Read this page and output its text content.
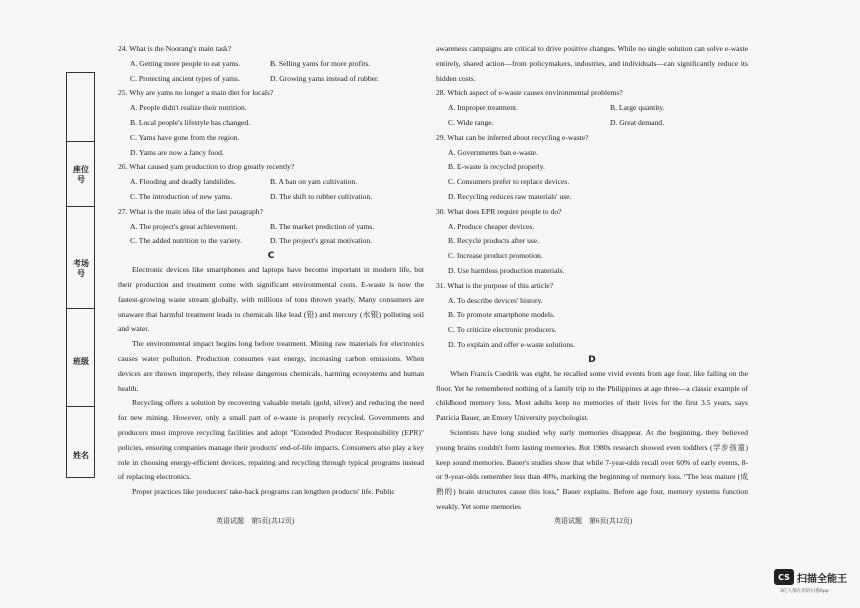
座位号
考场号
班级
姓名

24. What is the Noorang's main task?

A. Getting more people to eat yams.	B. Selling yams for more profits.
C. Protecting ancient types of yams.	D. Growing yams instead of rubber.

25. Why are yams no longer a main diet for locals?

A. People didn't realize their nutrition.

B. Local people's lifestyle has changed.

C. Yams have gone from the region.

D. Yams are now a fancy food.

26. What caused yam production to drop greatly recently?

A. Flooding and deadly landslides.	B. A ban on yam cultivation.
C. The introduction of new yams.	D. The shift to rubber cultivation.

27. What is the main idea of the last paragraph?

A. The project's great achievement.	B. The market prediction of yams.
C. The added nutrition to the variety.	D. The project's great motivation.

C

Electronic devices like smartphones and laptops have become important in modern life, but their production and treatment come with significant environmental costs. E-waste is now the fastest-growing waste stream globally, with millions of tons thrown yearly. Many consumers are unaware that harmful treatment leads to chemicals like lead (铅) and mercury (水银) polluting soil and water.

The environmental impact begins long before treatment. Mining raw materials for electronics causes water pollution. Production consumes vast energy, increasing carbon emissions. When devices are thrown improperly, they release dangerous chemicals, harming ecosystems and human health.

Recycling offers a solution by recovering valuable metals (gold, silver) and reducing the need for new mining. However, only a small part of e-waste is properly recycled. Governments and producers must improve recycling facilities and adopt "Extended Producer Responsibility (EPR)" policies, ensuring companies manage their products' end-of-life impacts. Consumers also play a key role in choosing energy-efficient devices, repairing and recycling through typical programs instead of replacing electronics.

Proper practices like producers' take-back programs can lengthen products' life. Public

awareness campaigns are critical to drive positive changes. While no single solution can solve e-waste entirely, shared action—from policymakers, industries, and individuals—can significantly reduce its hidden costs.

28. Which aspect of e-waste causes environmental problems?

A. Improper treatment.	B. Large quantity.
C. Wide range.	D. Great demand.

29. What can be inferred about recycling e-waste?

A. Governments ban e-waste.

B. E-waste is recycled properly.

C. Consumers prefer to replace devices.

D. Recycling reduces raw materials' use.

30. What does EPR require people to do?

A. Produce cheaper devices.

B. Recycle products after use.

C. Increase product promotion.

D. Use harmless production materials.

31. What is the purpose of this article?

A. To describe devices' history.

B. To promote smartphone models.

C. To criticize electronic producers.

D. To explain and offer e-waste solutions.

D

When Francis Csedrik was eight, he recalled some vivid events from age four, like falling on the floor. Yet he remembered nothing of a family trip to the Philippines at age three—a classic example of childhood memory loss. Most adults keep no memories of their lives for the first 3.5 years, says Patricia Bauer, an Emory University psychologist.

Scientists have long studied why early memories disappear. At the beginning, they believed young brains couldn't form lasting memories. But 1980s research showed even toddlers (学步孩童) keep sound memories. Bauer's studies show that while 7-year-olds recall over 60% of early events, 8- or 9-year-olds remember less than 40%, marking the beginning of memory loss. "The less mature (成熟的) brain structures cause this loss," Bauer explains. Before age four, memory systems function weakly. Yet some memories

英语试题　第5页(共12页)	英语试题　第6页(共12页)
CS 扫描全能王
3亿人都在用的扫描App
